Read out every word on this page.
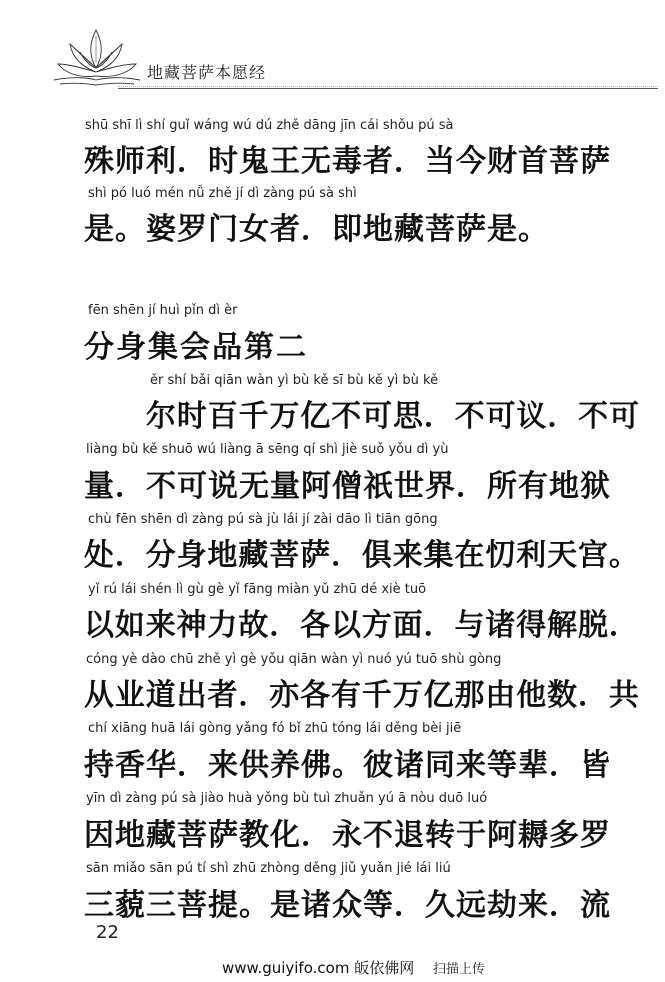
地藏菩萨本愿经
shū shī lì shí guǐ wáng wú dú zhě dāng jīn cái shǒu pú sà
殊师利．时鬼王无毒者．当今财首菩萨
shì pó luó mén nǚ zhě jí dì zàng pú sà shì
是。婆罗门女者．即地藏菩萨是。
fēn shēn jí huì pǐn dì èr
分身集会品第二
ěr shí bǎi qiān wàn yì bù kě sī bù kě yì bù kě
尔时百千万亿不可思．不可议．不可
liàng bù kě shuō wú liàng ā sēng qí shì jiè suǒ yǒu dì yù
量．不可说无量阿僧祇世界．所有地狱
chù fēn shēn dì zàng pú sà jù lái jí zài dāo lì tiān gōng
处．分身地藏菩萨．俱来集在忉利天宫。
yǐ rú lái shén lì gù gè yǐ fāng miàn yǔ zhū dé xiè tuō
以如来神力故．各以方面．与诸得解脱．
cóng yè dào chū zhě yì gè yǒu qiān wàn yì nuó yú tuō shù gòng
从业道出者．亦各有千万亿那由他数．共
chí xiāng huā lái gòng yǎng fó bǐ zhū tóng lái děng bèi jiē
持香华．来供养佛。彼诸同来等辈．皆
yīn dì zàng pú sà jiào huà yǒng bù tuì zhuǎn yú ā nòu duō luó
因地藏菩萨教化．永不退转于阿耨多罗
sān miǎo sān pú tí shì zhū zhòng děng jiǔ yuǎn jié lái liú
三藐三菩提。是诸众等．久远劫来．流
22
www.guiyifo.com 皈依佛网 扫描上传
